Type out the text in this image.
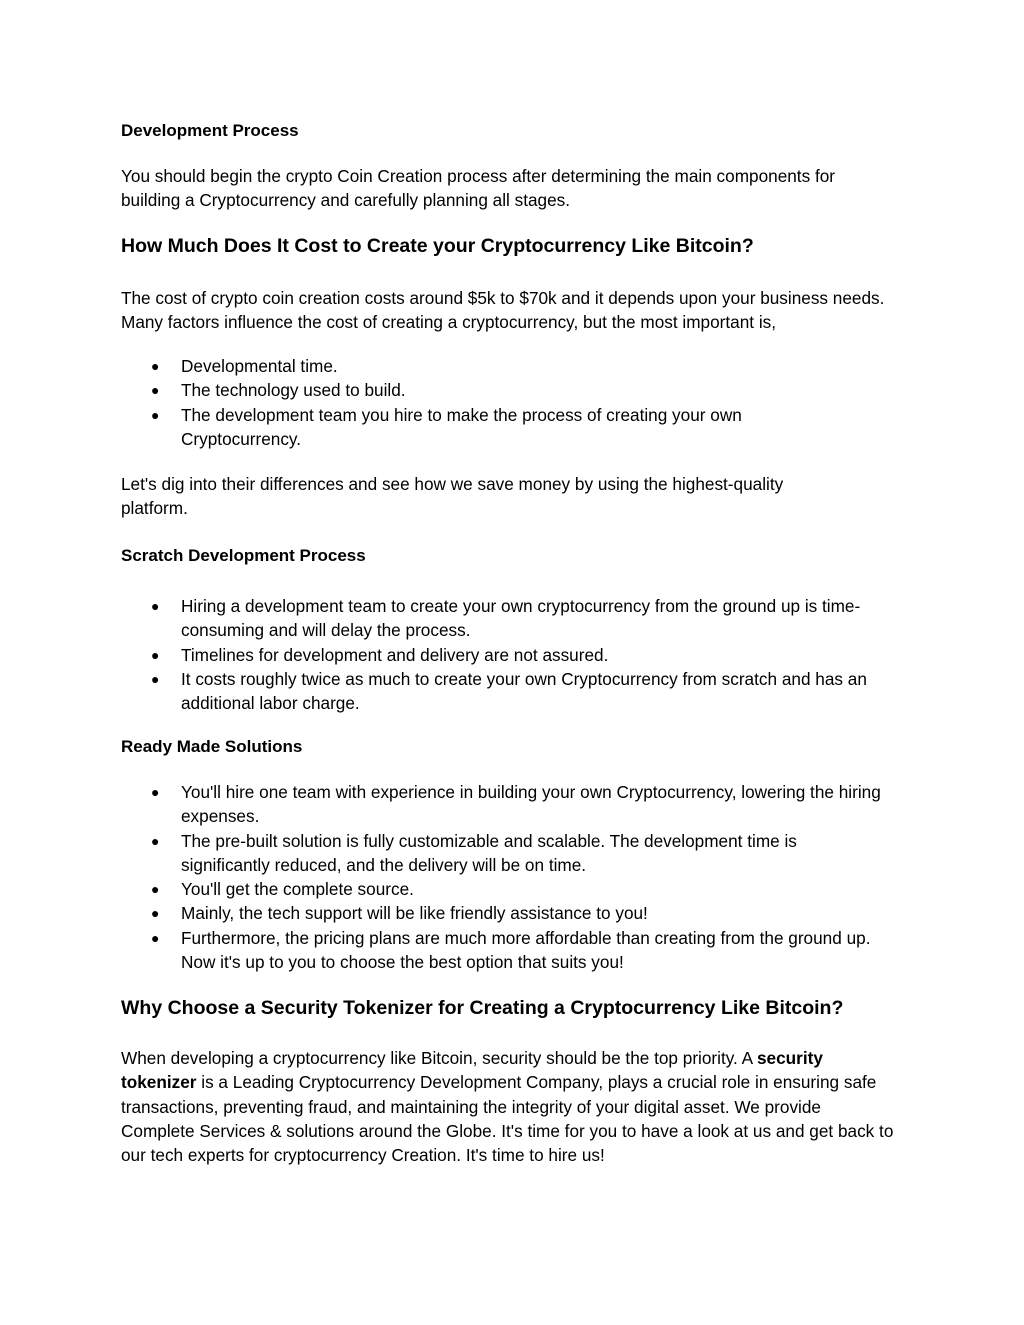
Development Process

You should begin the crypto Coin Creation process after determining the main components for building a Cryptocurrency and carefully planning all stages.

How Much Does It Cost to Create your Cryptocurrency Like Bitcoin?

The cost of crypto coin creation costs around $5k to $70k and it depends upon your business needs. Many factors influence the cost of creating a cryptocurrency, but the most important is,

● Developmental time.
● The technology used to build.
● The development team you hire to make the process of creating your own Cryptocurrency.

Let's dig into their differences and see how we save money by using the highest-quality platform.

Scratch Development Process
● Hiring a development team to create your own cryptocurrency from the ground up is time-consuming and will delay the process.
● Timelines for development and delivery are not assured.
● It costs roughly twice as much to create your own Cryptocurrency from scratch and has an additional labor charge.
Ready Made Solutions
● You'll hire one team with experience in building your own Cryptocurrency, lowering the hiring expenses.
● The pre-built solution is fully customizable and scalable. The development time is significantly reduced, and the delivery will be on time.
● You'll get the complete source.
● Mainly, the tech support will be like friendly assistance to you!
● Furthermore, the pricing plans are much more affordable than creating from the ground up. Now it's up to you to choose the best option that suits you!
Why Choose a Security Tokenizer for Creating a Cryptocurrency Like Bitcoin?

When developing a cryptocurrency like Bitcoin, security should be the top priority. A security tokenizer is a Leading Cryptocurrency Development Company, plays a crucial role in ensuring safe transactions, preventing fraud, and maintaining the integrity of your digital asset. We provide Complete Services & solutions around the Globe. It's time for you to have a look at us and get back to our tech experts for cryptocurrency Creation. It's time to hire us!
